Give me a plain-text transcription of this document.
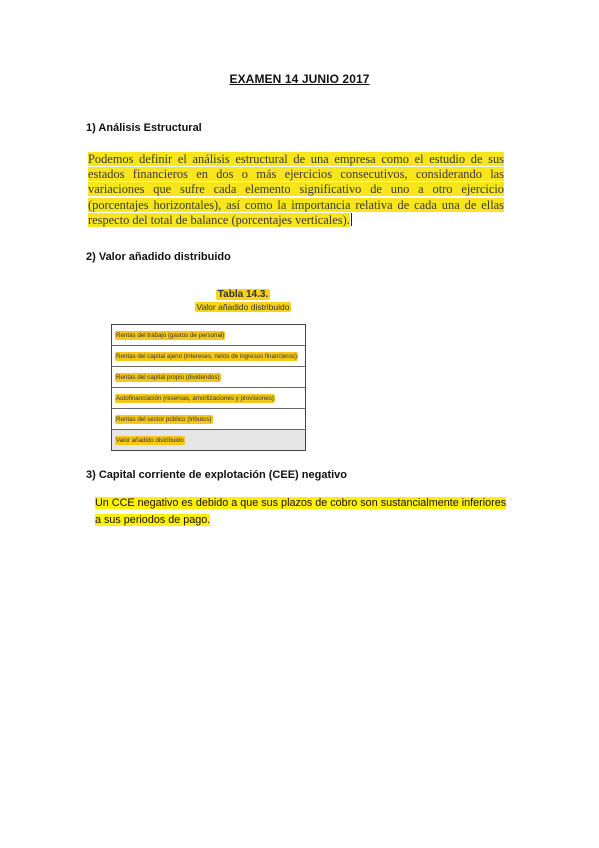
EXAMEN 14 JUNIO 2017
1) Análisis Estructural
Podemos definir el análisis estructural de una empresa como el estudio de sus estados financieros en dos o más ejercicios consecutivos, considerando las variaciones que sufre cada elemento significativo de uno a otro ejercicio (porcentajes horizontales), así como la importancia relativa de cada una de ellas respecto del total de balance (porcentajes verticales).
2) Valor añadido distribuido
Tabla 14.3.
Valor añadido distribuido
Rentas del trabajo (gastos de personal)
Rentas del capital ajeno (intereses, netos de ingresos financieros)
Rentas del capital propio (dividendos)
Autofinanciación (reservas, amortizaciones y provisiones)
Rentas del sector público (tributos)
Valor añadido distribuido
3) Capital corriente de explotación (CEE) negativo
Un CCE negativo es debido a que sus plazos de cobro son sustancialmente inferiores a sus periodos de pago.
